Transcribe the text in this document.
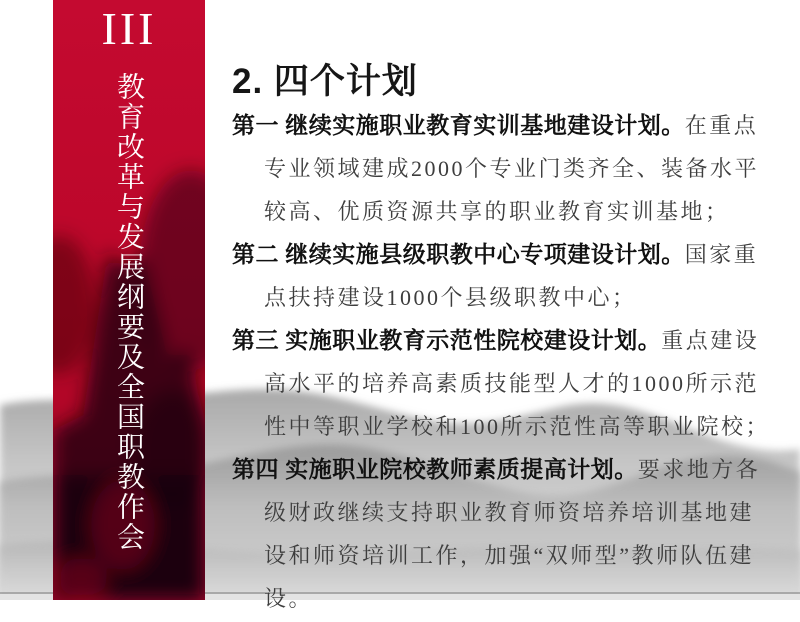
III
教育改革与发展纲要及全国职教作会 2. 四个计划

第一 继续实施职业教育实训基地建设计划。在重点专业领域建成2000个专业门类齐全、装备水平较高、优质资源共享的职业教育实训基地；

第二 继续实施县级职教中心专项建设计划。国家重点扶持建设1000个县级职教中心；

第三 实施职业教育示范性院校建设计划。重点建设高水平的培养高素质技能型人才的1000所示范性中等职业学校和100所示范性高等职业院校；

第四 实施职业院校教师素质提高计划。要求地方各级财政继续支持职业教育师资培养培训基地建设和师资培训工作，加强“双师型”教师队伍建设。
